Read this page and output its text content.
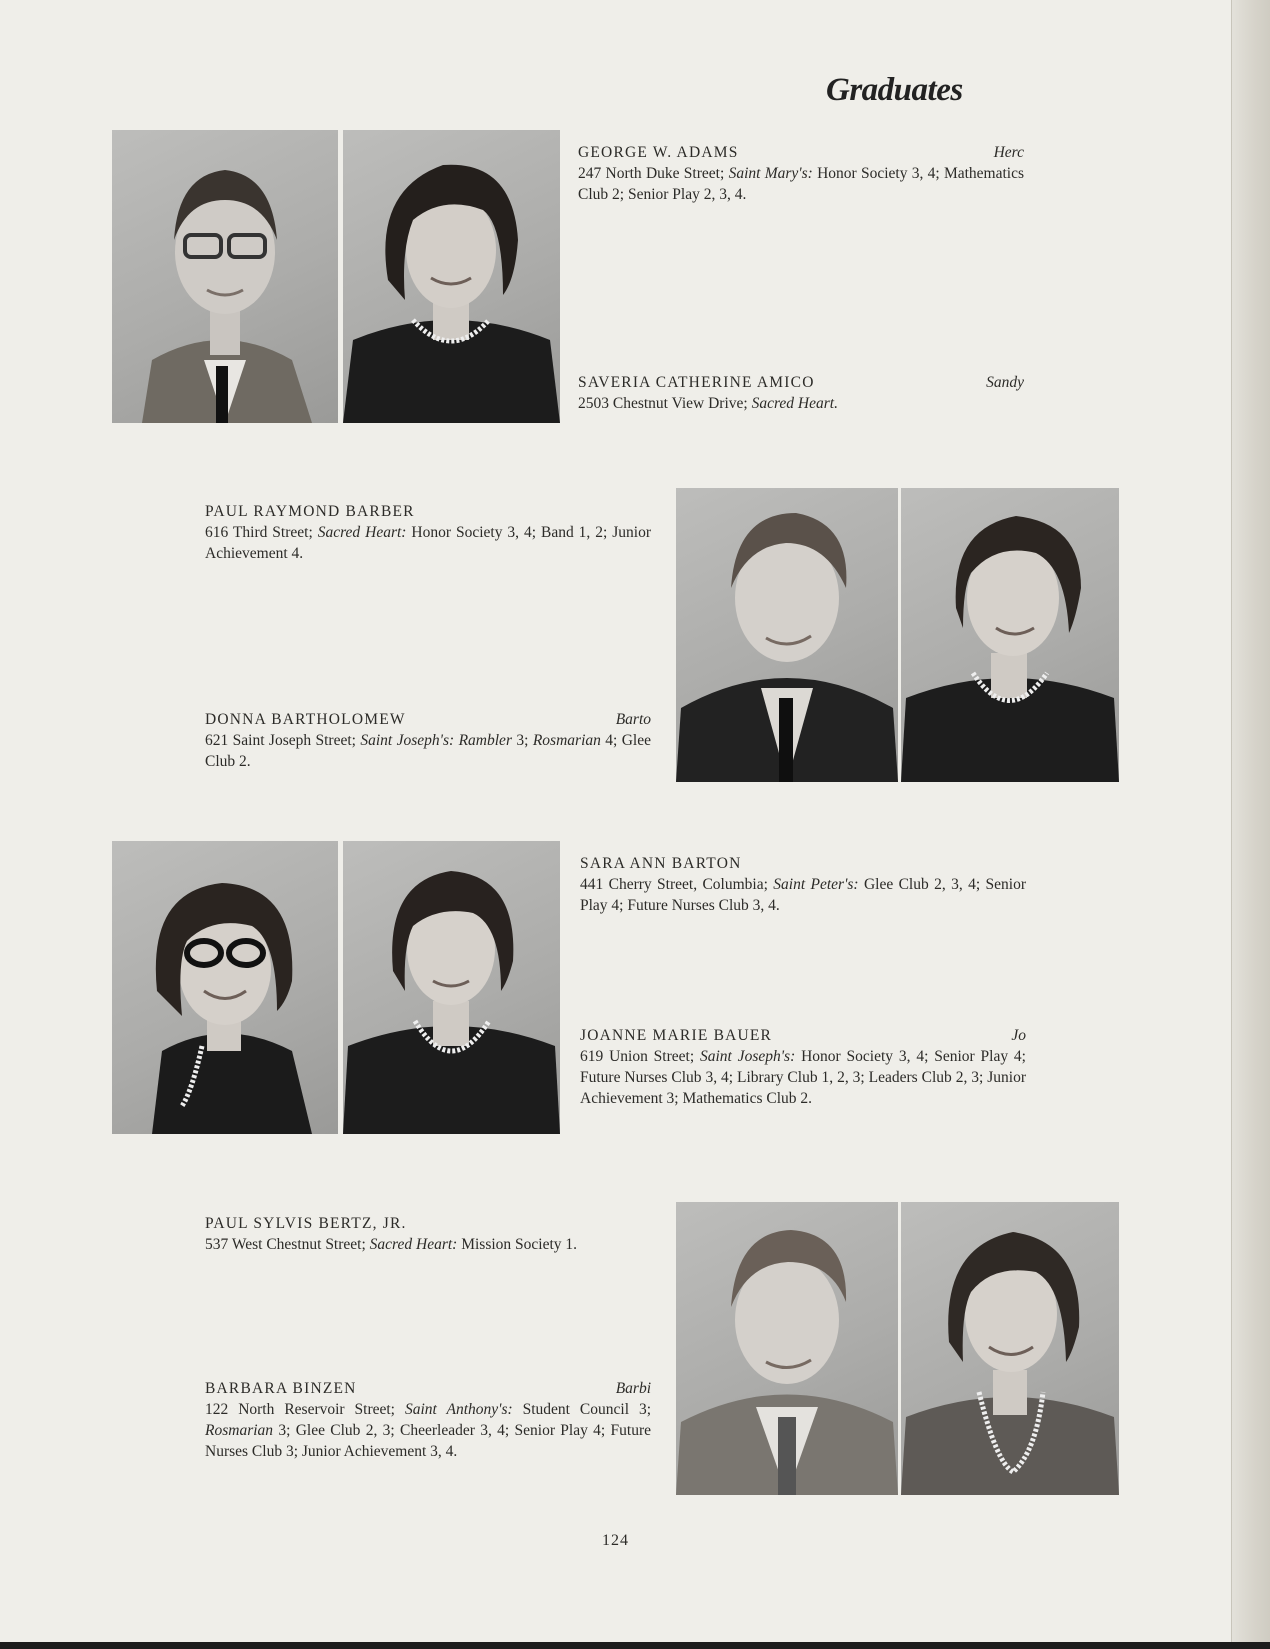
Graduates
GEORGE W. ADAMS	Herc
247 North Duke Street; Saint Mary's: Honor Society 3, 4; Mathematics Club 2; Senior Play 2, 3, 4.
SAVERIA CATHERINE AMICO	Sandy
2503 Chestnut View Drive; Sacred Heart.
PAUL RAYMOND BARBER
616 Third Street; Sacred Heart: Honor Society 3, 4; Band 1, 2; Junior Achievement 4.
DONNA BARTHOLOMEW	Barto
621 Saint Joseph Street; Saint Joseph's: Rambler 3; Rosmarian 4; Glee Club 2.
SARA ANN BARTON
441 Cherry Street, Columbia; Saint Peter's: Glee Club 2, 3, 4; Senior Play 4; Future Nurses Club 3, 4.
JOANNE MARIE BAUER	Jo
619 Union Street; Saint Joseph's: Honor Society 3, 4; Senior Play 4; Future Nurses Club 3, 4; Library Club 1, 2, 3; Leaders Club 2, 3; Junior Achievement 3; Mathematics Club 2.
PAUL SYLVIS BERTZ, JR.
537 West Chestnut Street; Sacred Heart: Mission Society 1.
BARBARA BINZEN	Barbi
122 North Reservoir Street; Saint Anthony's: Student Council 3; Rosmarian 3; Glee Club 2, 3; Cheerleader 3, 4; Senior Play 4; Future Nurses Club 3; Junior Achievement 3, 4.
124
